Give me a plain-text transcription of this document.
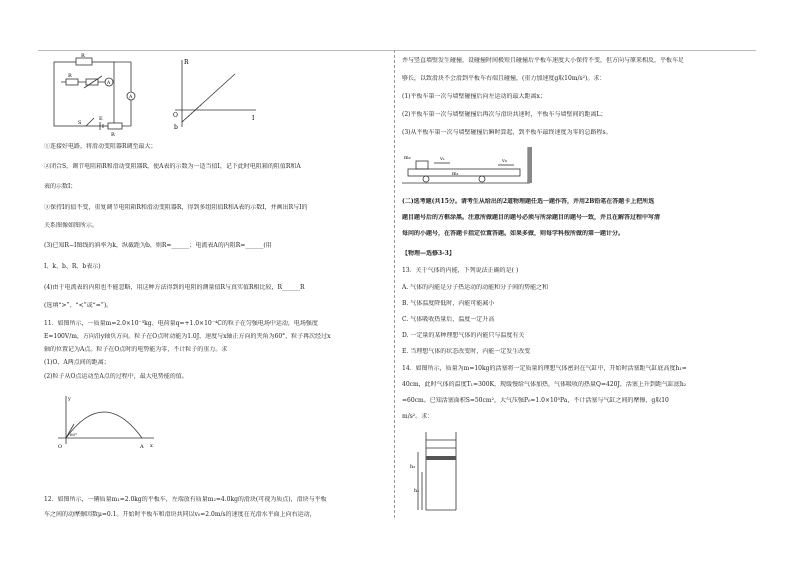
R
R
A
A
S
E
R
R
I
O
b
①连接好电路，将滑动变阻器R调至最大；
②闭合S，调节电阻箱R和滑动变阻器R，使A表的示数为一适当值I，记下此时电阻箱的阻值R和A
表的示数I；
③保持I的值不变，重复调节电阻箱R和滑动变阻器R，得到多组阻值R和A表的示数I，并画出R与I的
关系图像如图所示。
(3)已知R−I图线的斜率为k，纵截距为b，则R=______；电流表A的内阻R=______(用
I、k、b、R、b表示)
(4)由于电流表的内阻也不能忽略，用这种方法得到的电阻的测量值R与真实值R相比较，R______R
(选填“>”、“<”或“=”)。
11．如图所示，一质量m=2.0×10⁻³kg、电荷量q=+1.0×10⁻⁴C的粒子在匀强电场中运动，电场强度
E=100V/m，方向沿y轴负方向。粒子在O点时动能为1.0J，速度与x轴正方向的夹角为60°，粒子再次经过x
轴的位置记为A点。粒子在O点时的电势能为零，不计粒子的重力。求
(1)O、A两点间的距离；
(2)粒子从O点运动至A点的过程中，最大电势能的值。
y
x
O	A
60°
12．如图所示，一辆质量m₁=2.0kg的平板车，左端放有质量m₂=4.0kg的滑块(可视为质点)，滑块与平板
车之间的动摩擦因数μ=0.1。开始时平板车和滑块共同以v₀=2.0m/s的速度在光滑水平面上向右运动，
并与竖直墙壁发生碰撞，设碰撞时间极短且碰撞后平板车速度大小保持不变，但方向与原来相反，平板车足
够长，以致滑块不会滑到平板车右端且碰撞，(重力加速度g取10m/s²)。求：
(1)平板车第一次与墙壁碰撞后向左运动的最大距离x；
(2)平板车第一次与墙壁碰撞后再次与滑块共速时，平板车与墙壁间的距离L；
(3)从平板车第一次与墙壁碰撞后瞬时算起，到平板车最终速度为零的总路程s。
m₂
m₁
v₁	v₀
(二)选考题(共15分。请考生从给出的2道物理题任选一题作答，并用2B铅笔在答题卡上把所选
题目题号后的方框涂黑。注意所做题目的题号必须与所涂题目的题号一致，并且在解答过程中写清
每问的小题号，在答题卡指定位置答题。如果多做，则每学科按所做的第一题计分。
【物理—选修3-3】
13．关于气体的内能，下列说法正确的是( )
A. 气体的内能是分子热运动的动能和分子间的势能之和
B. 气体温度降低时，内能可能减小
C. 气体吸收热量后，温度一定升高
D. 一定量的某种理想气体的内能只与温度有关
E. 当理想气体的状态改变时，内能一定发生改变
14．如图所示，质量为m=10kg的活塞将一定质量的理想气体密封在气缸中，开始时活塞距气缸底高度h₁=
40cm，此时气体的温度T₁=300K，现缓慢给气体加热，气体吸收的热量Q=420J，活塞上升到距气缸底h₂
=60cm。已知活塞面积S=50cm²，大气压强P₀=1.0×10⁵Pa，不计活塞与气缸之间的摩擦，g取10
m/s²。求：
h₂
h₁
